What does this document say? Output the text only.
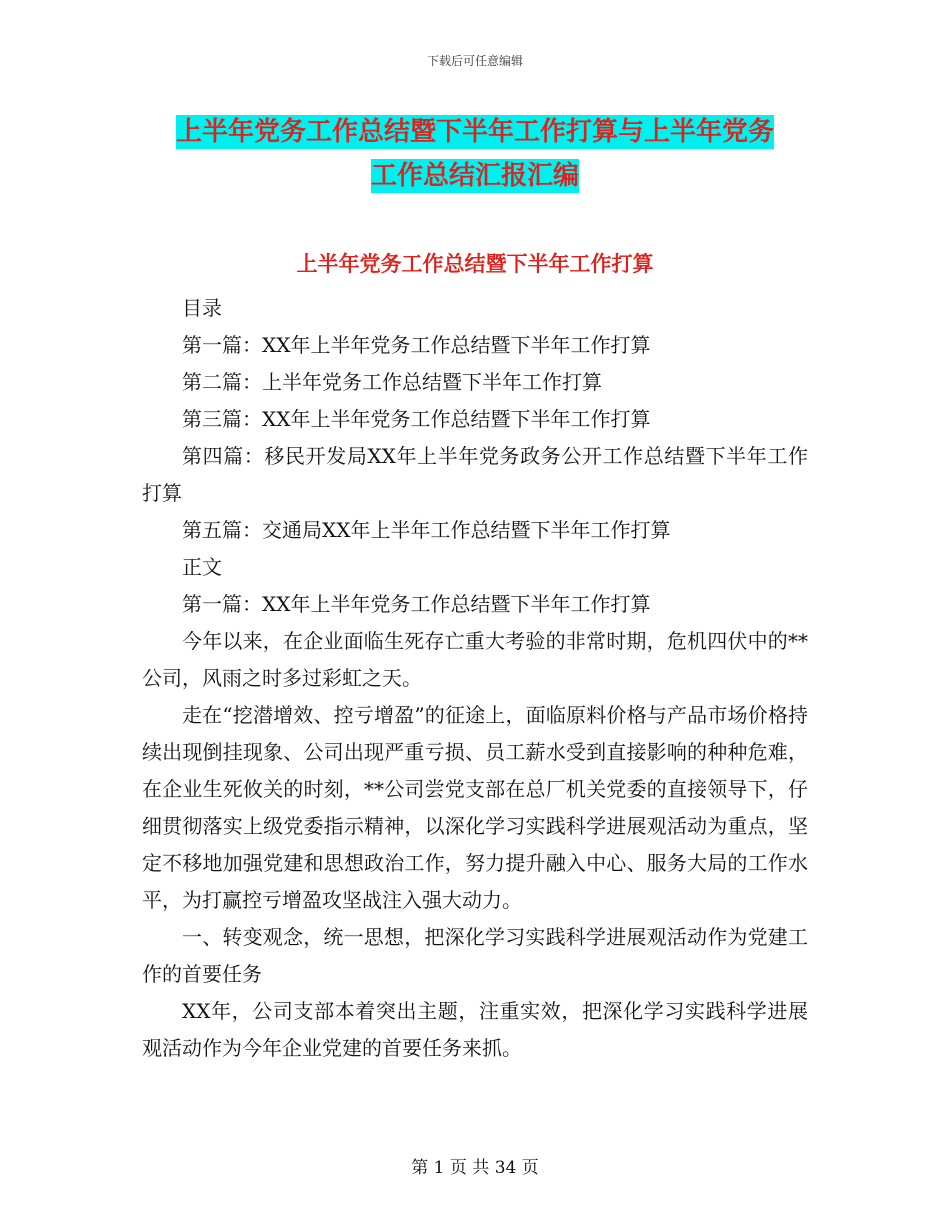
下载后可任意编辑
上半年党务工作总结暨下半年工作打算与上半年党务
工作总结汇报汇编
上半年党务工作总结暨下半年工作打算

目录

第一篇：XX年上半年党务工作总结暨下半年工作打算

第二篇：上半年党务工作总结暨下半年工作打算

第三篇：XX年上半年党务工作总结暨下半年工作打算

第四篇：移民开发局XX年上半年党务政务公开工作总结暨下半年工作打算

第五篇：交通局XX年上半年工作总结暨下半年工作打算

正文

第一篇：XX年上半年党务工作总结暨下半年工作打算

今年以来，在企业面临生死存亡重大考验的非常时期，危机四伏中的**公司，风雨之时多过彩虹之天。

走在“挖潜增效、控亏增盈”的征途上，面临原料价格与产品市场价格持续出现倒挂现象、公司出现严重亏损、员工薪水受到直接影响的种种危难，在企业生死攸关的时刻，**公司尝党支部在总厂机关党委的直接领导下，仔细贯彻落实上级党委指示精神，以深化学习实践科学进展观活动为重点，坚定不移地加强党建和思想政治工作，努力提升融入中心、服务大局的工作水平，为打赢控亏增盈攻坚战注入强大动力。

一、转变观念，统一思想，把深化学习实践科学进展观活动作为党建工作的首要任务

XX年，公司支部本着突出主题，注重实效，把深化学习实践科学进展观活动作为今年企业党建的首要任务来抓。

第 1 页 共 34 页
